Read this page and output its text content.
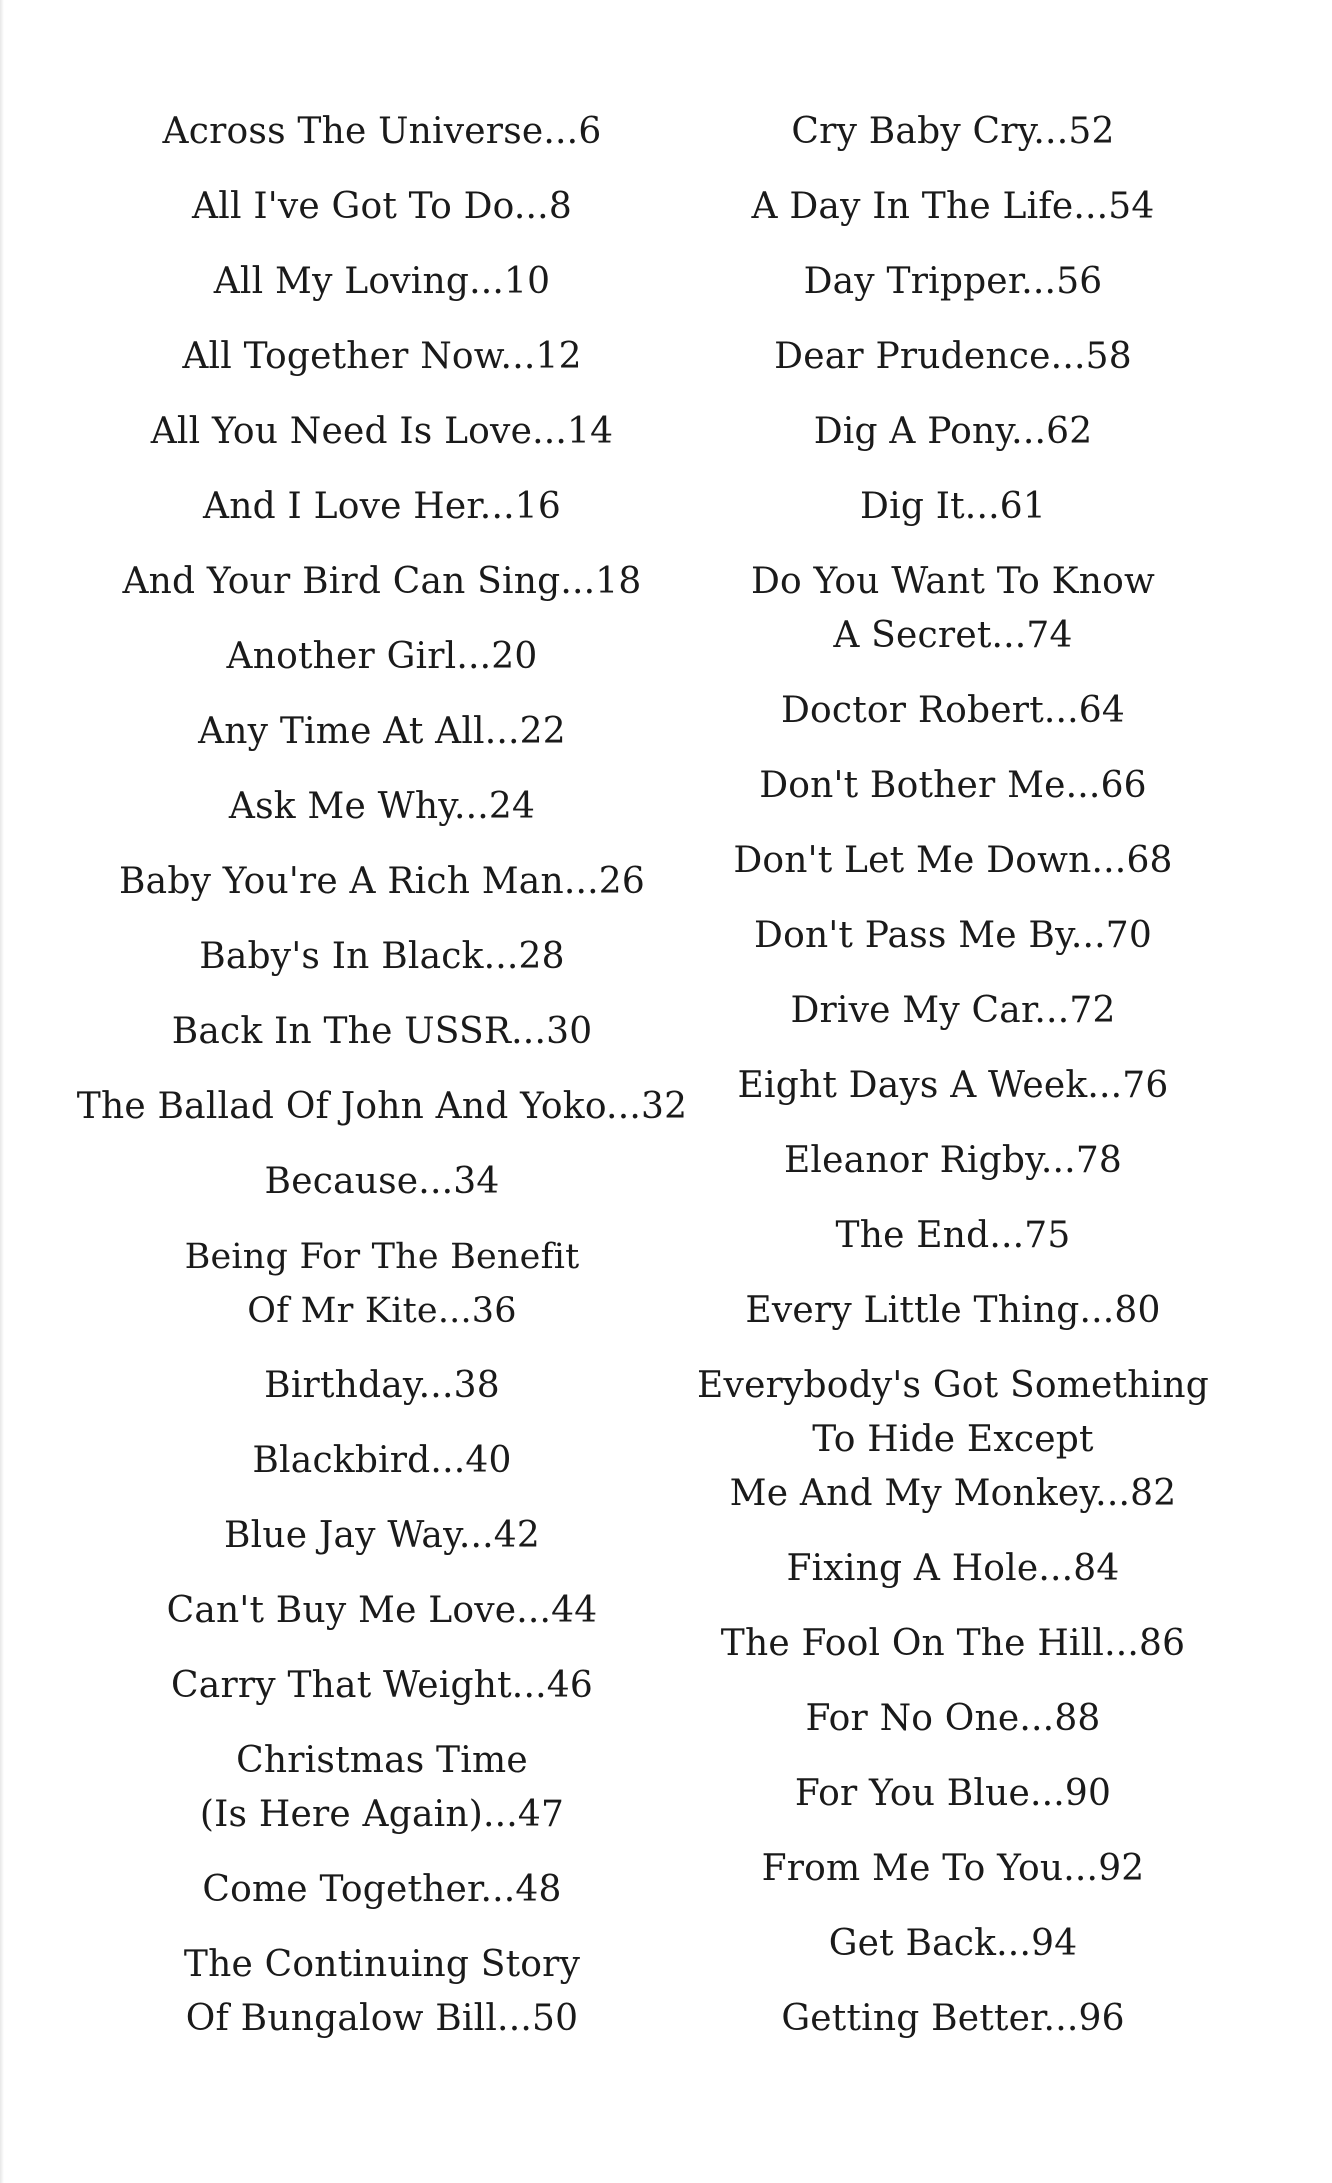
Across The Universe...6
All I've Got To Do...8
All My Loving...10
All Together Now...12
All You Need Is Love...14
And I Love Her...16
And Your Bird Can Sing...18
Another Girl...20
Any Time At All...22
Ask Me Why...24
Baby You're A Rich Man...26
Baby's In Black...28
Back In The USSR...30
The Ballad Of John And Yoko...32
Because...34
Being For The Benefit
Of Mr Kite...36
Birthday...38
Blackbird...40
Blue Jay Way...42
Can't Buy Me Love...44
Carry That Weight...46
Christmas Time
(Is Here Again)...47
Come Together...48
The Continuing Story
Of Bungalow Bill...50
Cry Baby Cry...52
A Day In The Life...54
Day Tripper...56
Dear Prudence...58
Dig A Pony...62
Dig It...61
Do You Want To Know
A Secret...74
Doctor Robert...64
Don't Bother Me...66
Don't Let Me Down...68
Don't Pass Me By...70
Drive My Car...72
Eight Days A Week...76
Eleanor Rigby...78
The End...75
Every Little Thing...80
Everybody's Got Something
To Hide Except
Me And My Monkey...82
Fixing A Hole...84
The Fool On The Hill...86
For No One...88
For You Blue...90
From Me To You...92
Get Back...94
Getting Better...96
